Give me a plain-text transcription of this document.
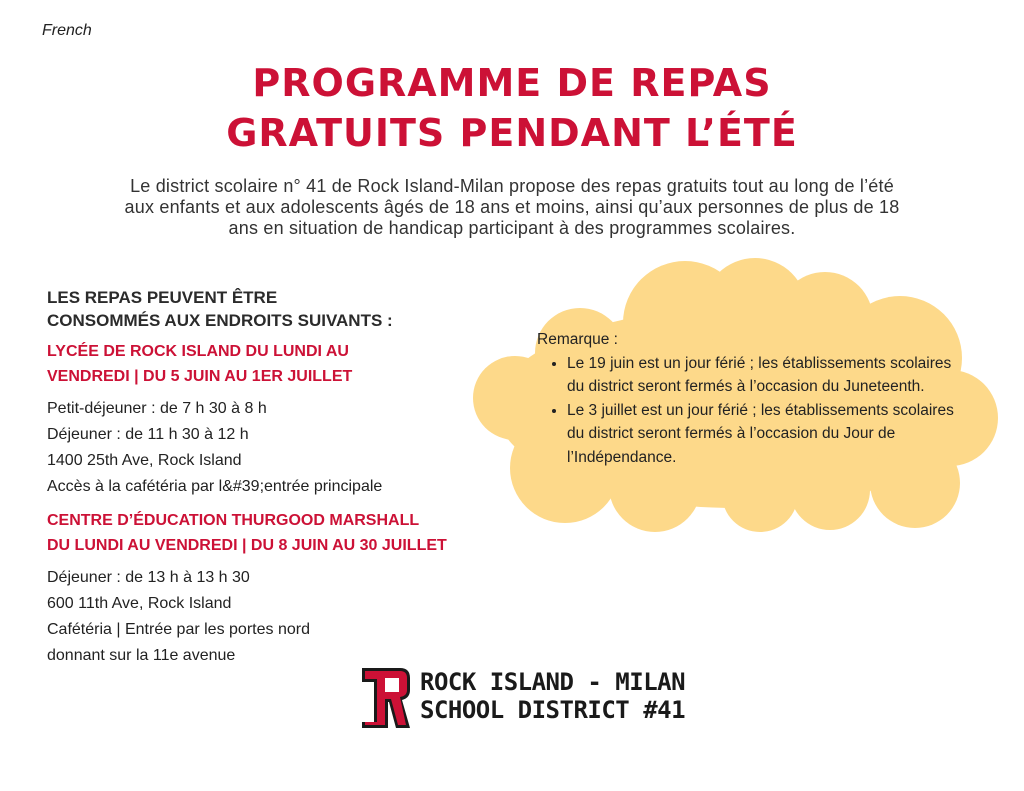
French
PROGRAMME DE REPAS
GRATUITS PENDANT L’ÉTÉ
Le district scolaire n° 41 de Rock Island-Milan propose des repas gratuits tout au long de l’été
aux enfants et aux adolescents âgés de 18 ans et moins, ainsi qu’aux personnes de plus de 18
ans en situation de handicap participant à des programmes scolaires.
LES REPAS PEUVENT ÊTRE
CONSOMMÉS AUX ENDROITS SUIVANTS :
LYCÉE DE ROCK ISLAND DU LUNDI AU
VENDREDI | DU 5 JUIN AU 1ER JUILLET
Petit-déjeuner : de 7 h 30 à 8 h
Déjeuner : de 11 h 30 à 12 h
1400 25th Ave, Rock Island
Accès à la cafétéria par l&#39;entrée principale
CENTRE D’ÉDUCATION THURGOOD MARSHALL
DU LUNDI AU VENDREDI | DU 8 JUIN AU 30 JUILLET
Déjeuner : de 13 h à 13 h 30
600 11th Ave, Rock Island
Cafétéria | Entrée par les portes nord
donnant sur la 11e avenue
Remarque :
• Le 19 juin est un jour férié ; les établissements scolaires du district seront fermés à l’occasion du Juneteenth.
• Le 3 juillet est un jour férié ; les établissements scolaires du district seront fermés à l’occasion du Jour de l’Indépendance.
ROCK ISLAND - MILAN
SCHOOL DISTRICT #41
